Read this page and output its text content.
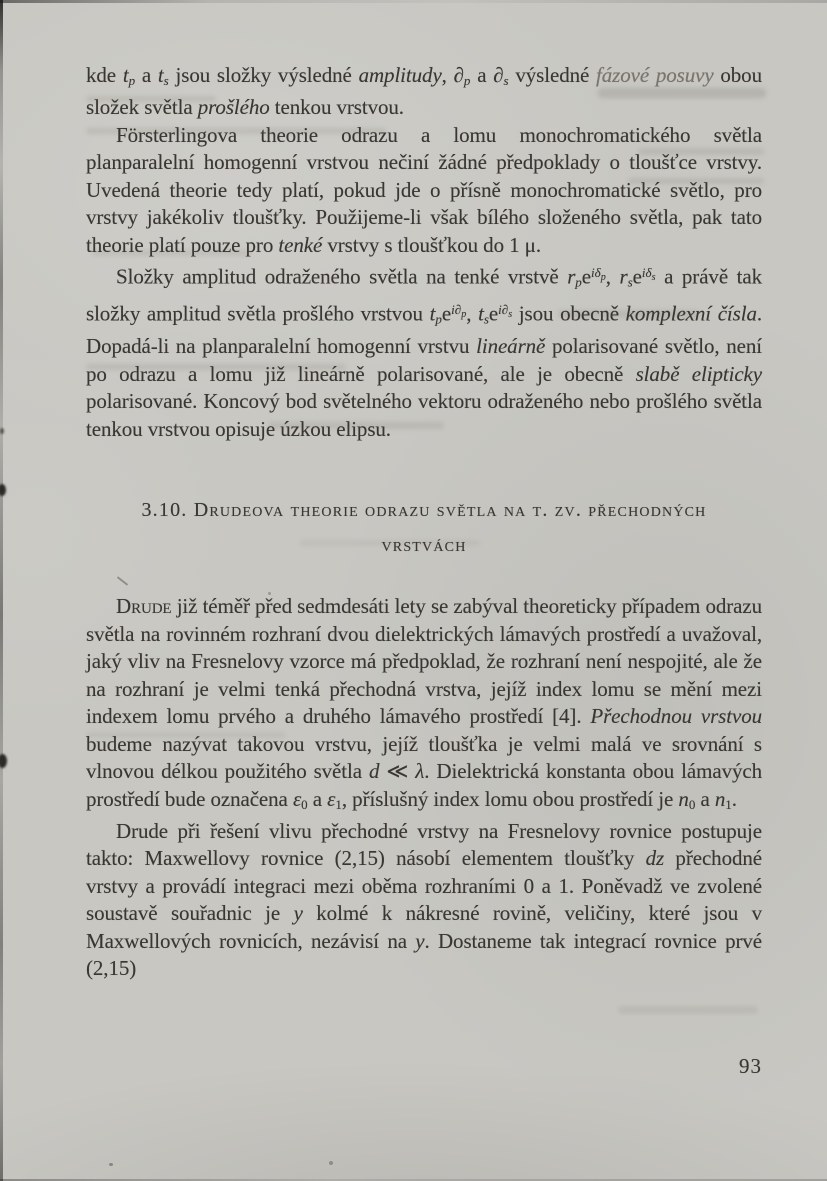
kde $t_p$ a $t_s$ jsou složky výsledné amplitudy, $\partial_p$ a $\partial_s$ výsledné fázové posuvy obou složek světla prošlého tenkou vrstvou.

Försterlingova theorie odrazu a lomu monochromatického světla planparalelní homogenní vrstvou nečiní žádné předpoklady o tloušťce vrstvy. Uvedená theorie tedy platí, pokud jde o přísně monochromatické světlo, pro vrstvy jakékoliv tloušťky. Použijeme-li však bílého složeného světla, pak tato theorie platí pouze pro tenké vrstvy s tloušťkou do 1 μ.

Složky amplitud odraženého světla na tenké vrstvě $r_pe^{i\delta}p$, $r_se^{i\delta}s$ a právě tak složky amplitud světla prošlého vrstvou $t_pe^{i\partial}p$, $t_se^{i\partial}s$ jsou obecně komplexní čísla. Dopadá-li na planparalelní homogenní vrstvu lineárně polarisované světlo, není po odrazu a lomu již lineárně polarisované, ale je obecně slabě elipticky polarisované. Koncový bod světelného vektoru odraženého nebo prošlého světla tenkou vrstvou opisuje úzkou elipsu.

3.10. Drudeova theorie odrazu světla na t. zv. přechodných
vrstvách

Drude již téměř před sedmdesáti lety se zabýval theoreticky případem odrazu světla na rovinném rozhraní dvou dielektrických lámavých prostředí a uvažoval, jaký vliv na Fresnelovy vzorce má předpoklad, že rozhraní není nespojité, ale že na rozhraní je velmi tenká přechodná vrstva, jejíž index lomu se mění mezi indexem lomu prvého a druhého lámavého prostředí [4]. Přechodnou vrstvou budeme nazývat takovou vrstvu, jejíž tloušťka je velmi malá ve srovnání s vlnovou délkou použitého světla d ≪ λ. Dielektrická konstanta obou lámavých prostředí bude označena $\varepsilon_0$ a $\varepsilon_1$, příslušný index lomu obou prostředí je $n_0$ a $n_1$.

Drude při řešení vlivu přechodné vrstvy na Fresnelovy rovnice postupuje takto: Maxwellovy rovnice (2,15) násobí elementem tloušťky dz přechodné vrstvy a provádí integraci mezi oběma rozhraními 0 a 1. Poněvadž ve zvolené soustavě souřadnic je y kolmé k nákresné rovině, veličiny, které jsou v Maxwellových rovnicích, nezávisí na y. Dostaneme tak integrací rovnice prvé (2,15)

93
